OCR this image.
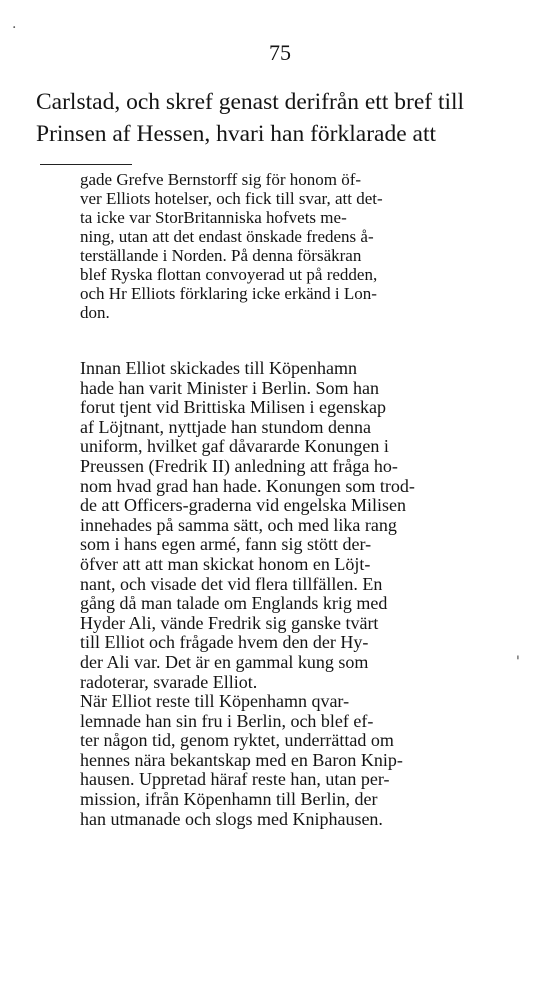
·
75
Carlstad, och skref genast derifrån ett bref till
Prinsen af Hessen, hvari han förklarade att
gade Grefve Bernstorff sig för honom öf-
ver Elliots hotelser, och fick till svar, att det-
ta icke var StorBritanniska hofvets me-
ning, utan att det endast önskade fredens å-
terställande i Norden. På denna försäkran
blef Ryska flottan convoyerad ut på redden,
och Hr Elliots förklaring icke erkänd i Lon-
don.
Innan Elliot skickades till Köpenhamn
hade han varit Minister i Berlin. Som han
forut tjent vid Brittiska Milisen i egenskap
af Löjtnant, nyttjade han stundom denna
uniform, hvilket gaf dåvararde Konungen i
Preussen (Fredrik II) anledning att fråga ho-
nom hvad grad han hade. Konungen som trod-
de att Officers-graderna vid engelska Milisen
innehades på samma sätt, och med lika rang
som i hans egen armé, fann sig stött der-
öfver att att man skickat honom en Löjt-
nant, och visade det vid flera tillfällen. En
gång då man talade om Englands krig med
Hyder Ali, vände Fredrik sig ganske tvärt
till Elliot och frågade hvem den der Hy-
der Ali var. Det är en gammal kung som
radoterar, svarade Elliot.
När Elliot reste till Köpenhamn qvar-
lemnade han sin fru i Berlin, och blef ef-
ter någon tid, genom ryktet, underrättad om
hennes nära bekantskap med en Baron Knip-
hausen. Uppretad häraf reste han, utan per-
mission, ifrån Köpenhamn till Berlin, der
han utmanade och slogs med Kniphausen.
'
